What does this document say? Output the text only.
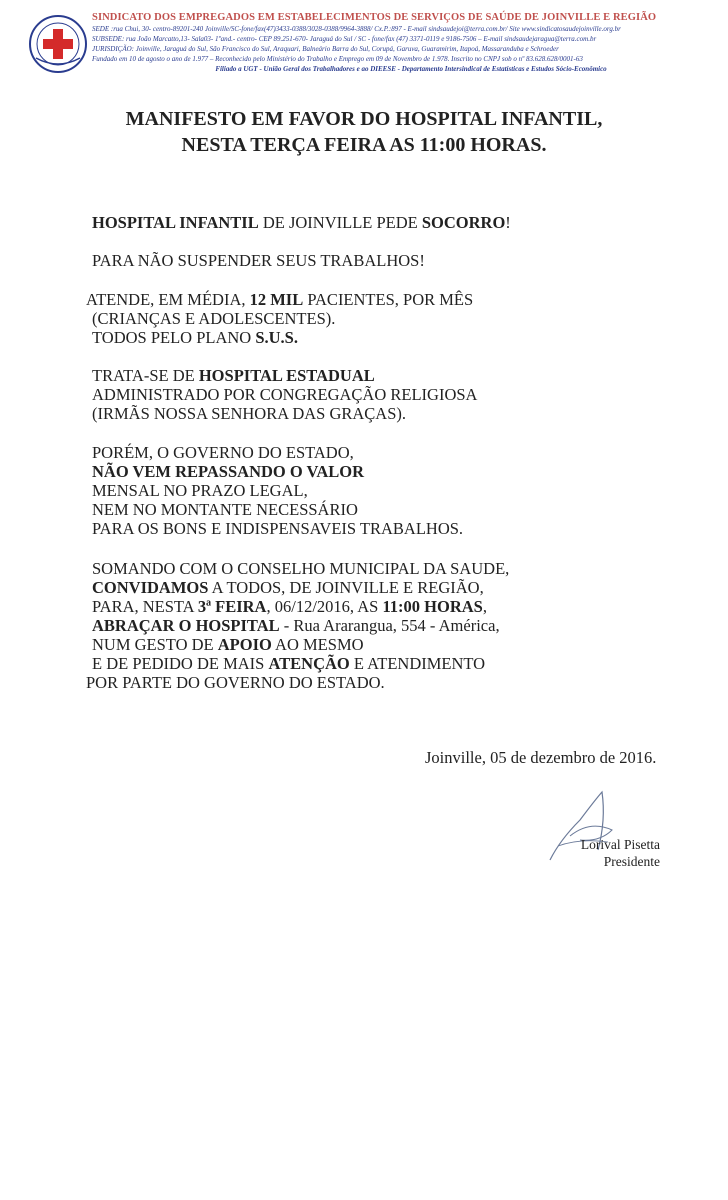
SINDICATO DOS EMPREGADOS EM ESTABELECIMENTOS DE SERVIÇOS DE SAÚDE DE JOINVILLE E REGIÃO
SEDE :rua Chui, 30- centro-89201-240 Joinville/SC-fone/fax(47)3433-0388/3028-0388/9964-3888/ Cx.P.:897 - E-mail sindsaudejoi@terra.com.br/ Site www.sindicatosaudejoinville.org.br
SUBSEDE: rua João Marcatto,13- Sala03- 1ºand.- centro- CEP 89.251-670- Jaraguá do Sul / SC - fone/fax (47) 3371-0119 e 9186-7506 – E-mail sindsaudejaragua@terra.com.br
JURISDIÇÃO: Joinville, Jaraguá do Sul, São Francisco do Sul, Araquari, Balneário Barra do Sul, Corupá, Garuva, Guaramirim, Itapoá, Massaranduba e Schroeder
Fundado em 10 de agosto o ano de 1.977 – Reconhecido pelo Ministério do Trabalho e Emprego em 09 de Novembro de 1.978. Inscrito no CNPJ sob o nº 83.628.628/0001-63
Filiado a UGT - União Geral dos Trabalhadores e ao DIEESE - Departamento Intersindical de Estatísticas e Estudos Sócio-Econômico
MANIFESTO EM FAVOR DO HOSPITAL INFANTIL,
NESTA TERÇA FEIRA AS 11:00 HORAS.
HOSPITAL INFANTIL DE JOINVILLE PEDE SOCORRO!
PARA NÃO SUSPENDER SEUS TRABALHOS!

ATENDE, EM MÉDIA, 12 MIL PACIENTES, POR MÊS

(CRIANÇAS E ADOLESCENTES).

TODOS PELO PLANO S.U.S.

TRATA-SE DE HOSPITAL ESTADUAL

ADMINISTRADO POR CONGREGAÇÃO RELIGIOSA

(IRMÃS NOSSA SENHORA DAS GRAÇAS).

PORÉM, O GOVERNO DO ESTADO,

NÃO VEM REPASSANDO O VALOR

MENSAL NO PRAZO LEGAL,

NEM NO MONTANTE NECESSÁRIO

PARA OS BONS E INDISPENSAVEIS TRABALHOS.

SOMANDO COM O CONSELHO MUNICIPAL DA SAUDE,

CONVIDAMOS A TODOS, DE JOINVILLE E REGIÃO,

PARA, NESTA 3ª FEIRA, 06/12/2016, AS 11:00 HORAS,

ABRAÇAR O HOSPITAL - Rua Ararangua, 554 - América,

NUM GESTO DE APOIO AO MESMO

E DE PEDIDO DE MAIS ATENÇÃO E ATENDIMENTO

POR PARTE DO GOVERNO DO ESTADO.

Joinville, 05 de dezembro de 2016.
Lorival Pisetta
Presidente
